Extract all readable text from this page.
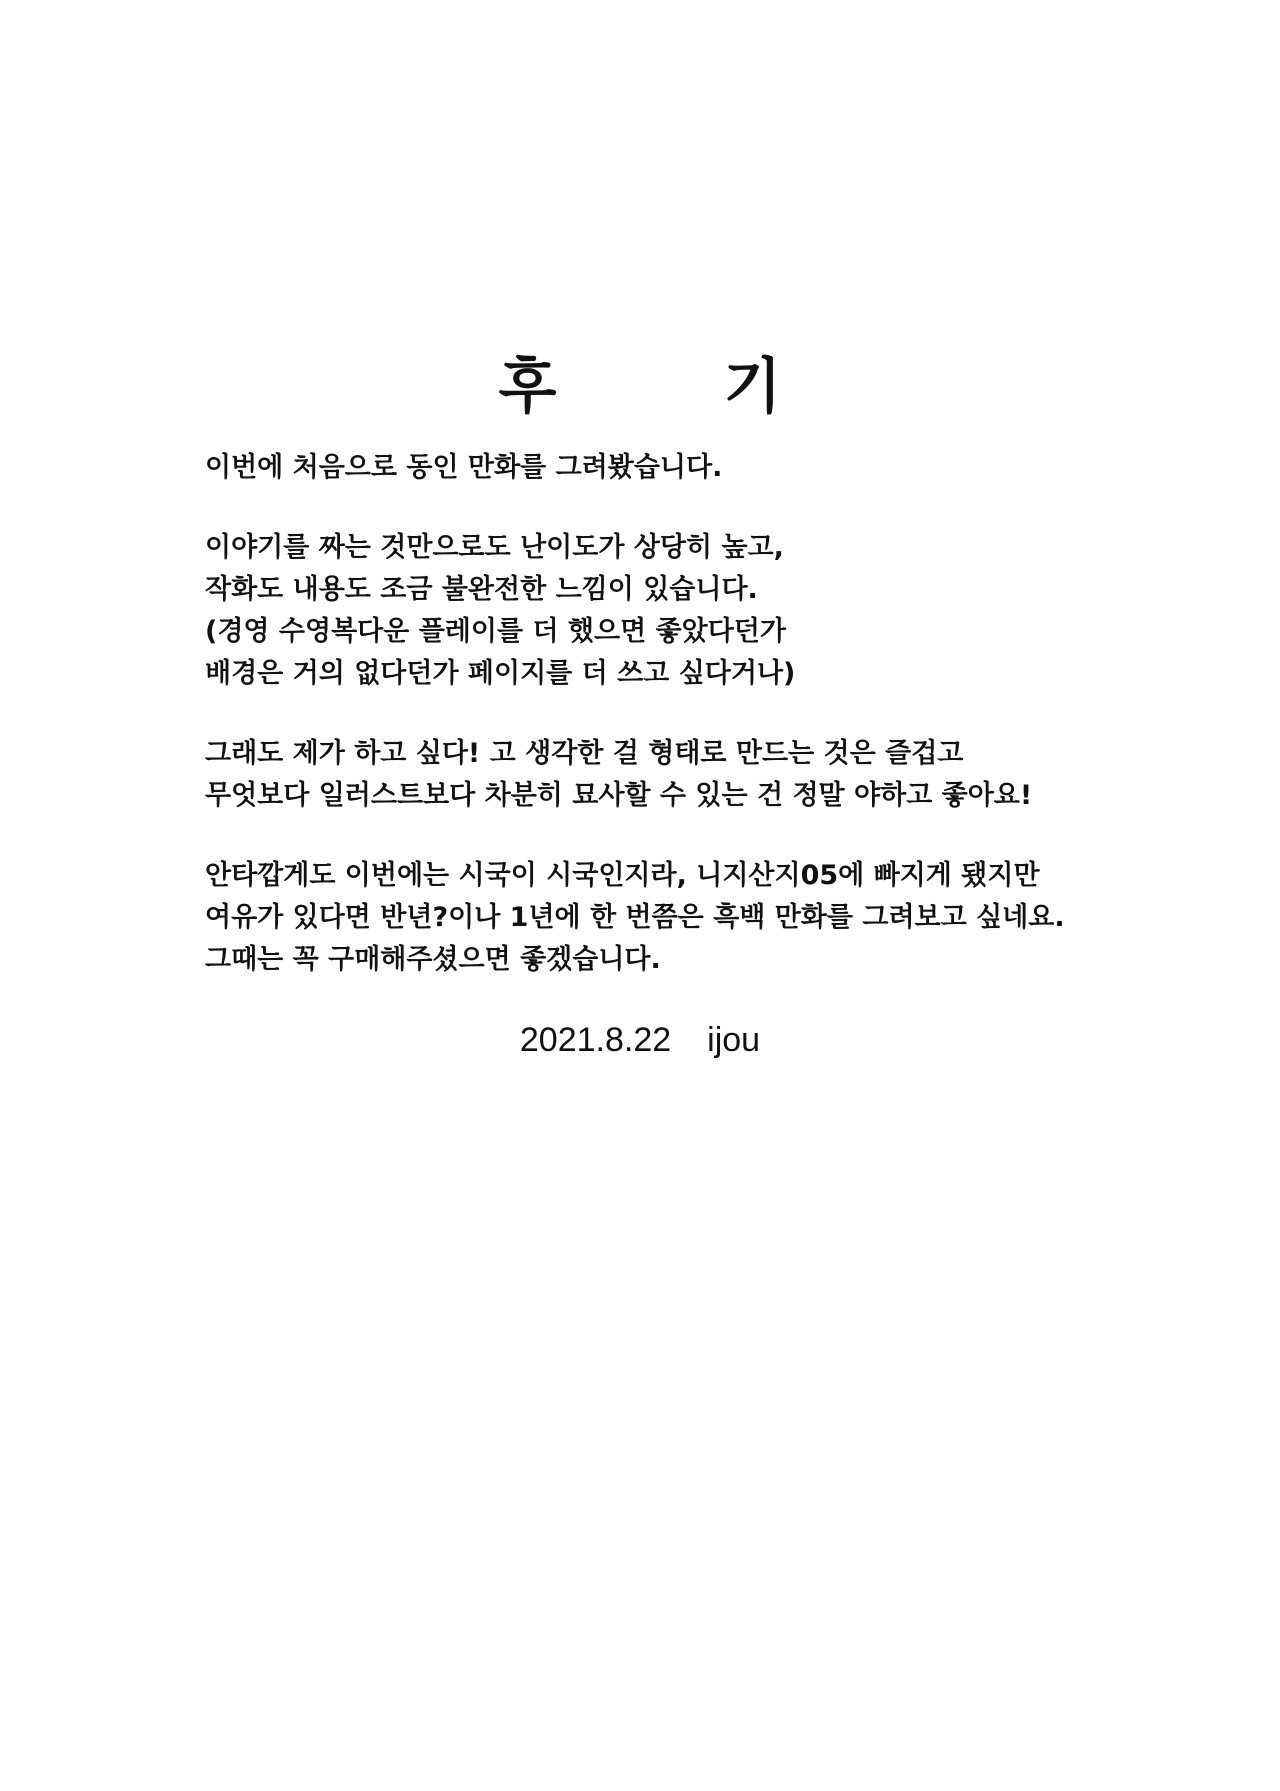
후        기

이번에 처음으로 동인 만화를 그려봤습니다.

이야기를 짜는 것만으로도 난이도가 상당히 높고,
작화도 내용도 조금 불완전한 느낌이 있습니다.
(경영 수영복다운 플레이를 더 했으면 좋았다던가
배경은 거의 없다던가 페이지를 더 쓰고 싶다거나)

그래도 제가 하고 싶다! 고 생각한 걸 형태로 만드는 것은 즐겁고
무엇보다 일러스트보다 차분히 묘사할 수 있는 건 정말 야하고 좋아요!

안타깝게도 이번에는 시국이 시국인지라, 니지산지05에 빠지게 됐지만
여유가 있다면 반년?이나 1년에 한 번쯤은 흑백 만화를 그려보고 싶네요.
그때는 꼭 구매해주셨으면 좋겠습니다.

2021.8.22 ijou
